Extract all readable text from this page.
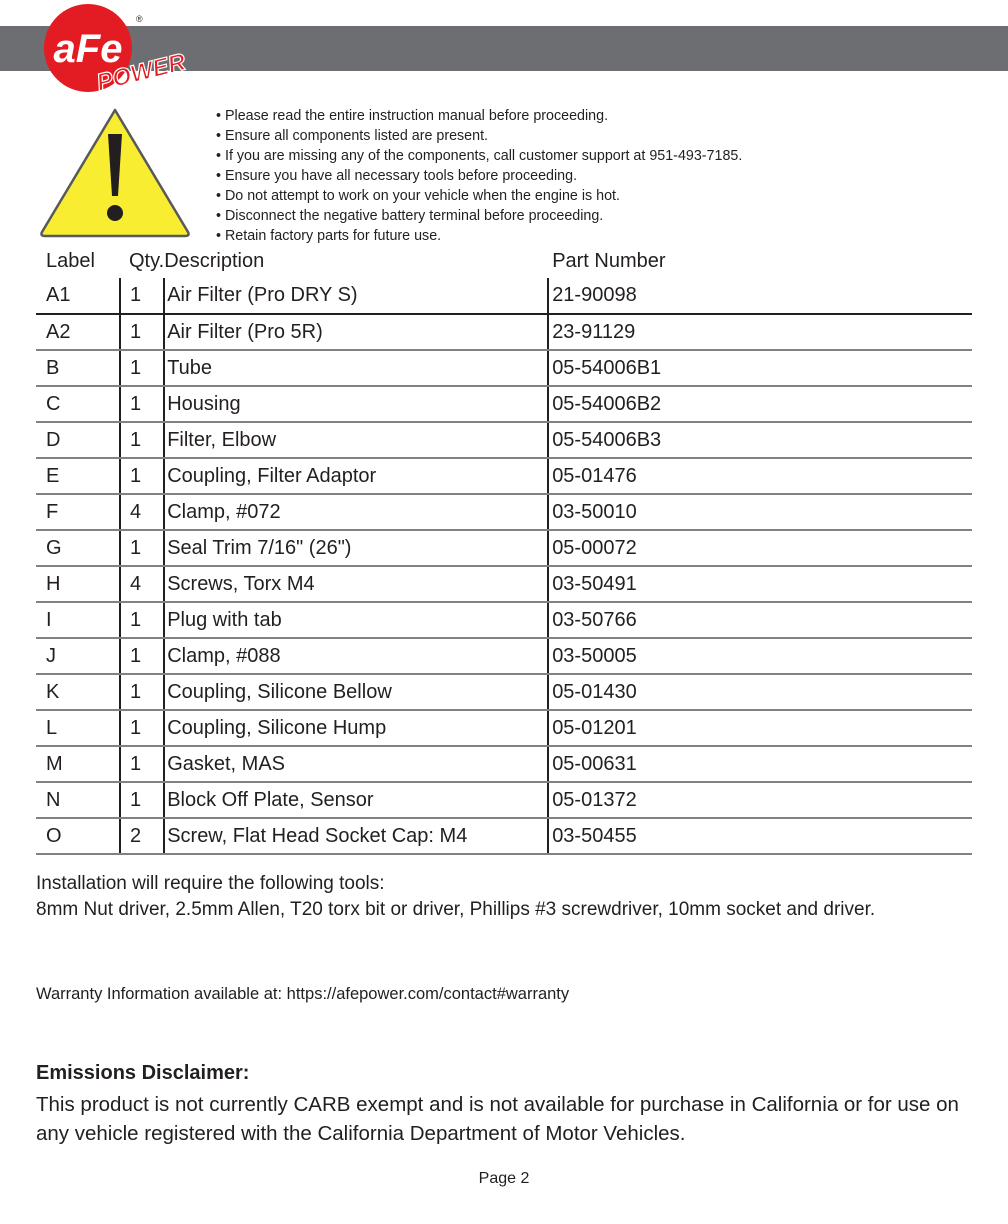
aFe
POWER
®
• Please read the entire instruction manual before proceeding.
• Ensure all components listed are present.
• If you are missing any of the components, call customer support at 951-493-7185.
• Ensure you have all necessary tools before proceeding.
• Do not attempt to work on your vehicle when the engine is hot.
• Disconnect the negative battery terminal before proceeding.
• Retain factory parts for future use.
Label	Qty.	Description	Part Number
A1	1	Air Filter (Pro DRY S)	21-90098
A2	1	Air Filter (Pro 5R)	23-91129
B	1	Tube	05-54006B1
C	1	Housing	05-54006B2
D	1	Filter, Elbow	05-54006B3
E	1	Coupling, Filter Adaptor	05-01476
F	4	Clamp, #072	03-50010
G	1	Seal Trim 7/16" (26")	05-00072
H	4	Screws, Torx M4	03-50491
I	1	Plug with tab	03-50766
J	1	Clamp, #088	03-50005
K	1	Coupling, Silicone Bellow	05-01430
L	1	Coupling, Silicone Hump	05-01201
M	1	Gasket, MAS	05-00631
N	1	Block Off Plate, Sensor	05-01372
O	2	Screw, Flat Head Socket Cap: M4	03-50455
Installation will require the following tools:
8mm Nut driver, 2.5mm Allen, T20 torx bit or driver, Phillips #3 screwdriver, 10mm socket and driver.
Warranty Information available at: https://afepower.com/contact#warranty
Emissions Disclaimer:
This product is not currently CARB exempt and is not available for purchase in California or for use on any vehicle registered with the California Department of Motor Vehicles.
Page 2
